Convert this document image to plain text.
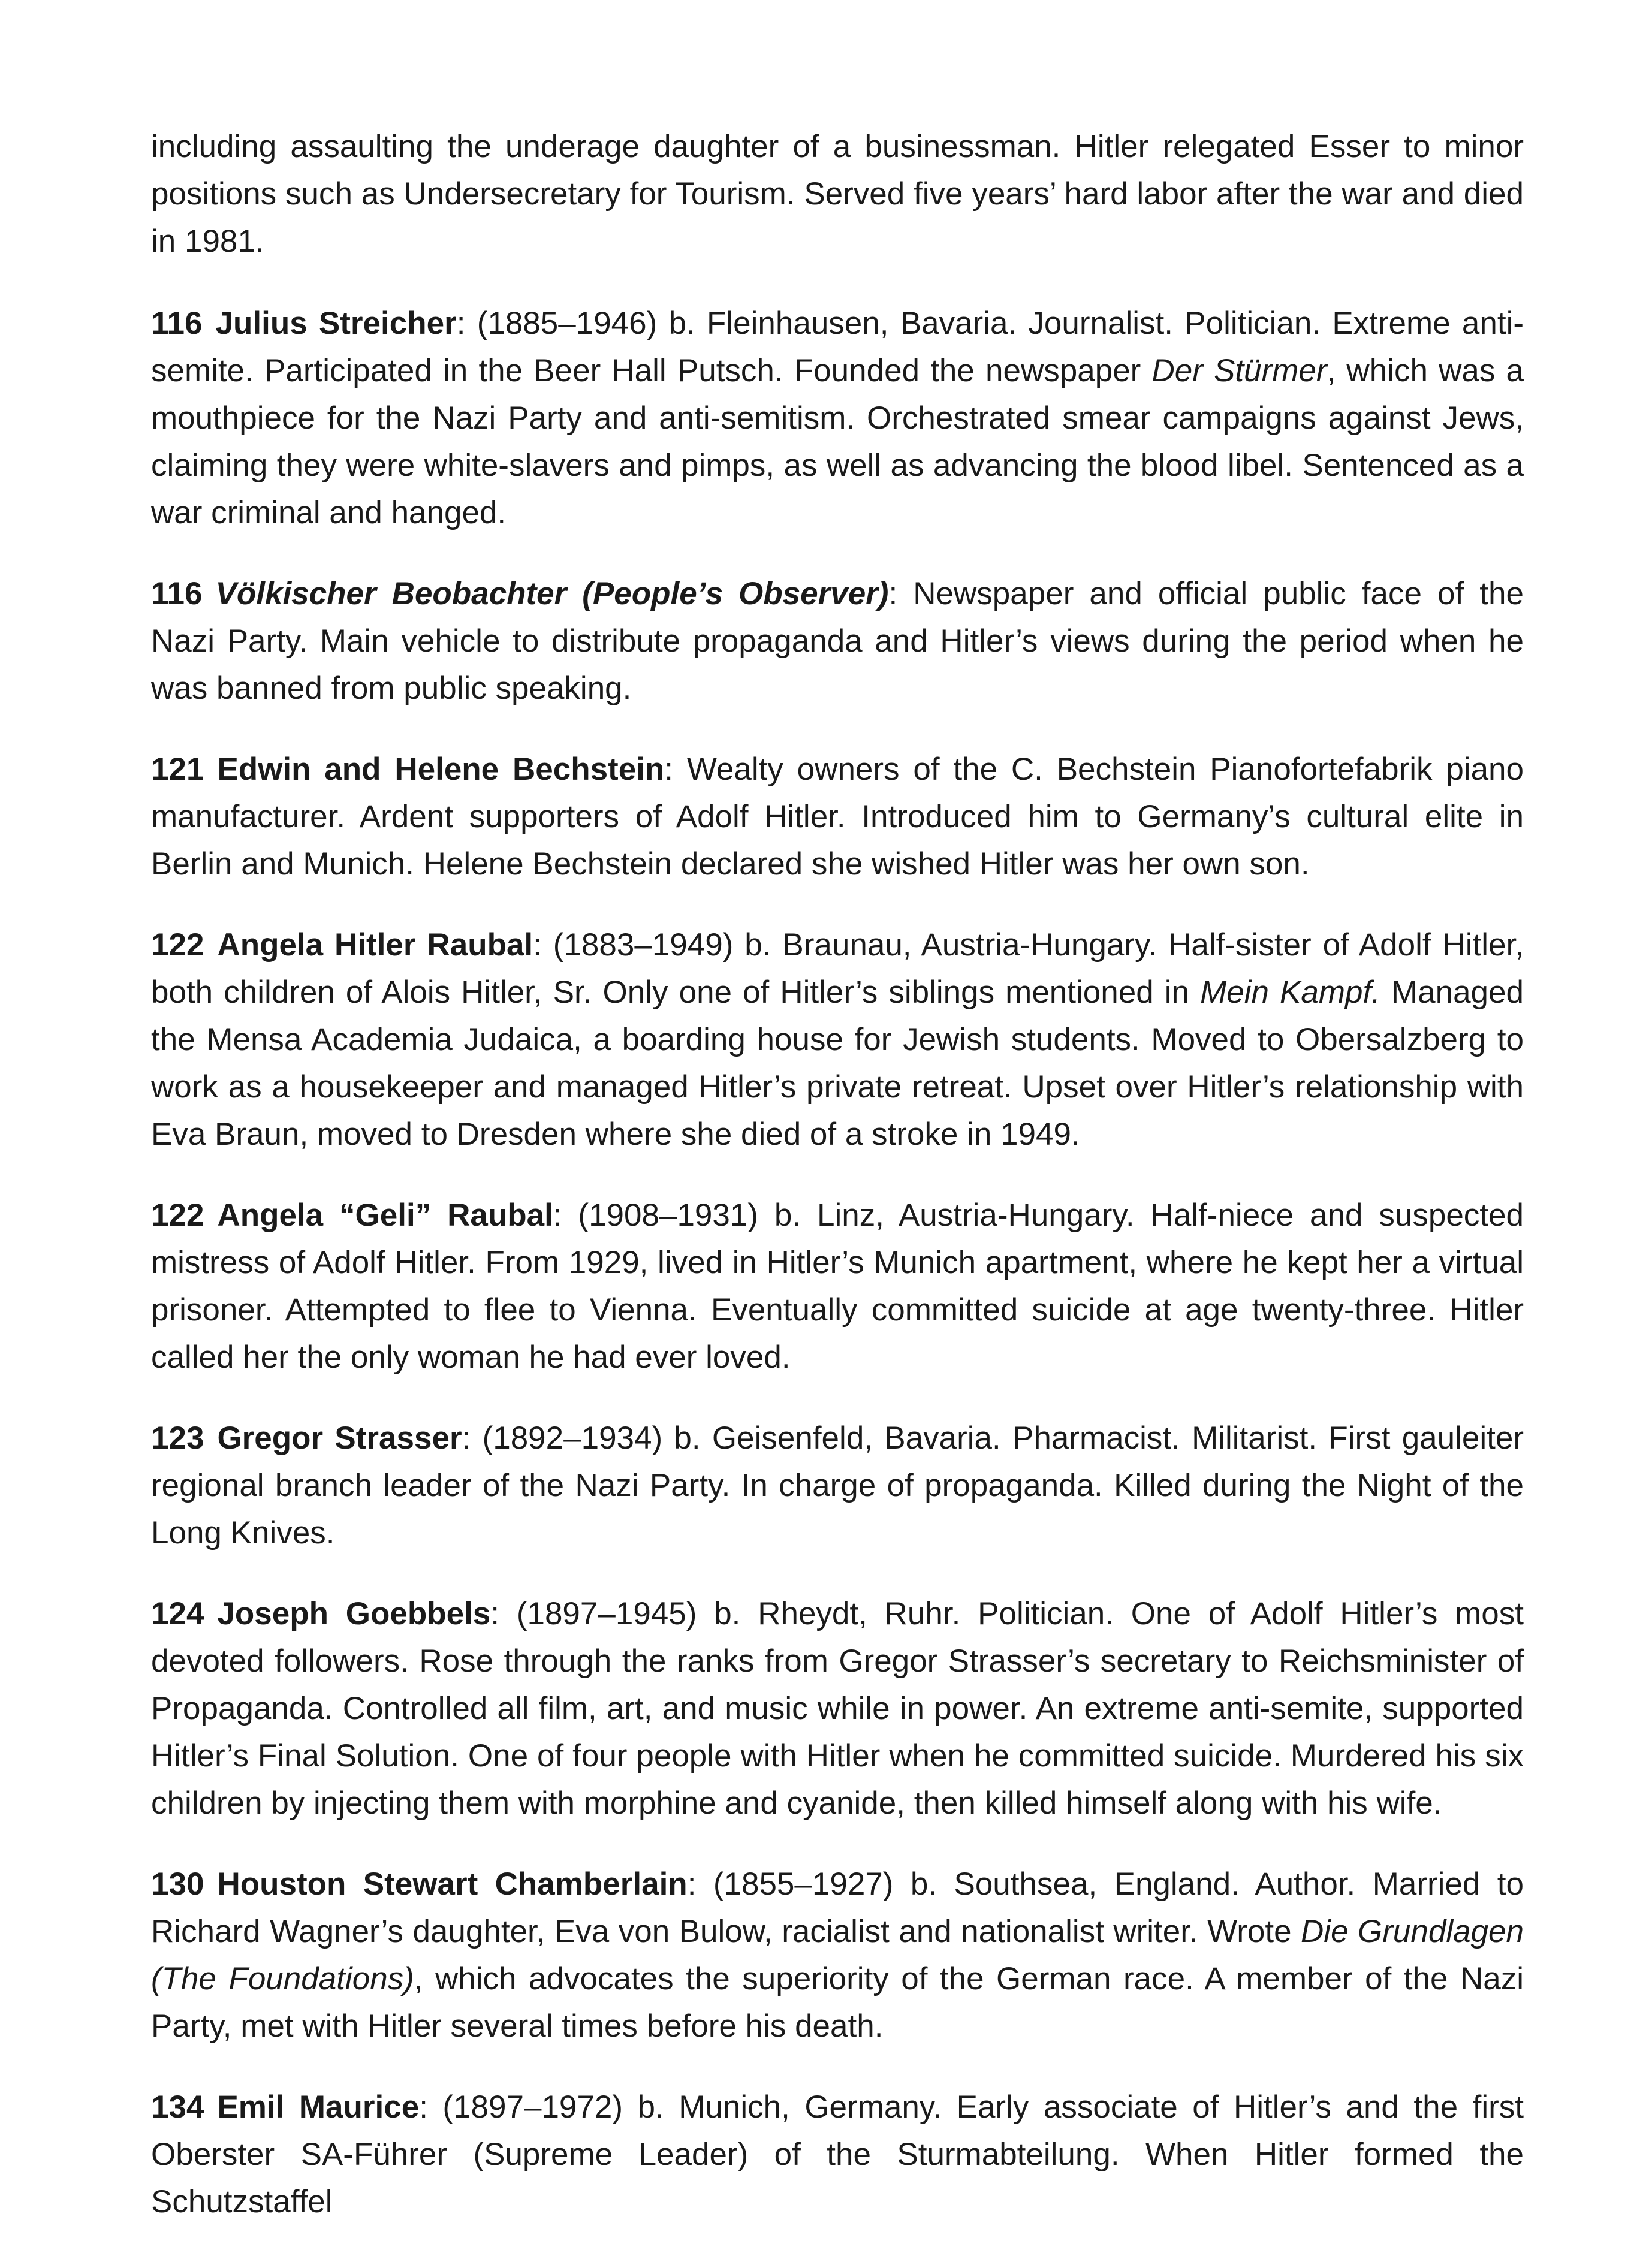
including assaulting the underage daughter of a businessman. Hitler relegated Esser to minor positions such as Undersecretary for Tourism. Served five years’ hard labor after the war and died in 1981.

116 Julius Streicher: (1885–1946) b. Fleinhausen, Bavaria. Journalist. Politician. Extreme anti-semite. Participated in the Beer Hall Putsch. Founded the newspaper Der Stürmer, which was a mouthpiece for the Nazi Party and anti-semitism. Orchestrated smear campaigns against Jews, claiming they were white-slavers and pimps, as well as advancing the blood libel. Sentenced as a war criminal and hanged.

116 Völkischer Beobachter (People’s Observer): Newspaper and official public face of the Nazi Party. Main vehicle to distribute propaganda and Hitler’s views during the period when he was banned from public speaking.

121 Edwin and Helene Bechstein: Wealty owners of the C. Bechstein Pianofortefabrik piano manufacturer. Ardent supporters of Adolf Hitler. Introduced him to Germany’s cultural elite in Berlin and Munich. Helene Bechstein declared she wished Hitler was her own son.

122 Angela Hitler Raubal: (1883–1949) b. Braunau, Austria-Hungary. Half-sister of Adolf Hitler, both children of Alois Hitler, Sr. Only one of Hitler’s siblings mentioned in Mein Kampf. Managed the Mensa Academia Judaica, a boarding house for Jewish students. Moved to Obersalzberg to work as a housekeeper and managed Hitler’s private retreat. Upset over Hitler’s relationship with Eva Braun, moved to Dresden where she died of a stroke in 1949.

122 Angela “Geli” Raubal: (1908–1931) b. Linz, Austria-Hungary. Half-niece and suspected mistress of Adolf Hitler. From 1929, lived in Hitler’s Munich apartment, where he kept her a virtual prisoner. Attempted to flee to Vienna. Eventually committed suicide at age twenty-three. Hitler called her the only woman he had ever loved.

123 Gregor Strasser: (1892–1934) b. Geisenfeld, Bavaria. Pharmacist. Militarist. First gauleiter regional branch leader of the Nazi Party. In charge of propaganda. Killed during the Night of the Long Knives.

124 Joseph Goebbels: (1897–1945) b. Rheydt, Ruhr. Politician. One of Adolf Hitler’s most devoted followers. Rose through the ranks from Gregor Strasser’s secretary to Reichsminister of Propaganda. Controlled all film, art, and music while in power. An extreme anti-semite, supported Hitler’s Final Solution. One of four people with Hitler when he committed suicide. Murdered his six children by injecting them with morphine and cyanide, then killed himself along with his wife.

130 Houston Stewart Chamberlain: (1855–1927) b. Southsea, England. Author. Married to Richard Wagner’s daughter, Eva von Bulow, racialist and nationalist writer. Wrote Die Grundlagen (The Foundations), which advocates the superiority of the German race. A member of the Nazi Party, met with Hitler several times before his death.

134 Emil Maurice: (1897–1972) b. Munich, Germany. Early associate of Hitler’s and the first Oberster SA-Führer (Supreme Leader) of the Sturmabteilung. When Hitler formed the Schutzstaffel
